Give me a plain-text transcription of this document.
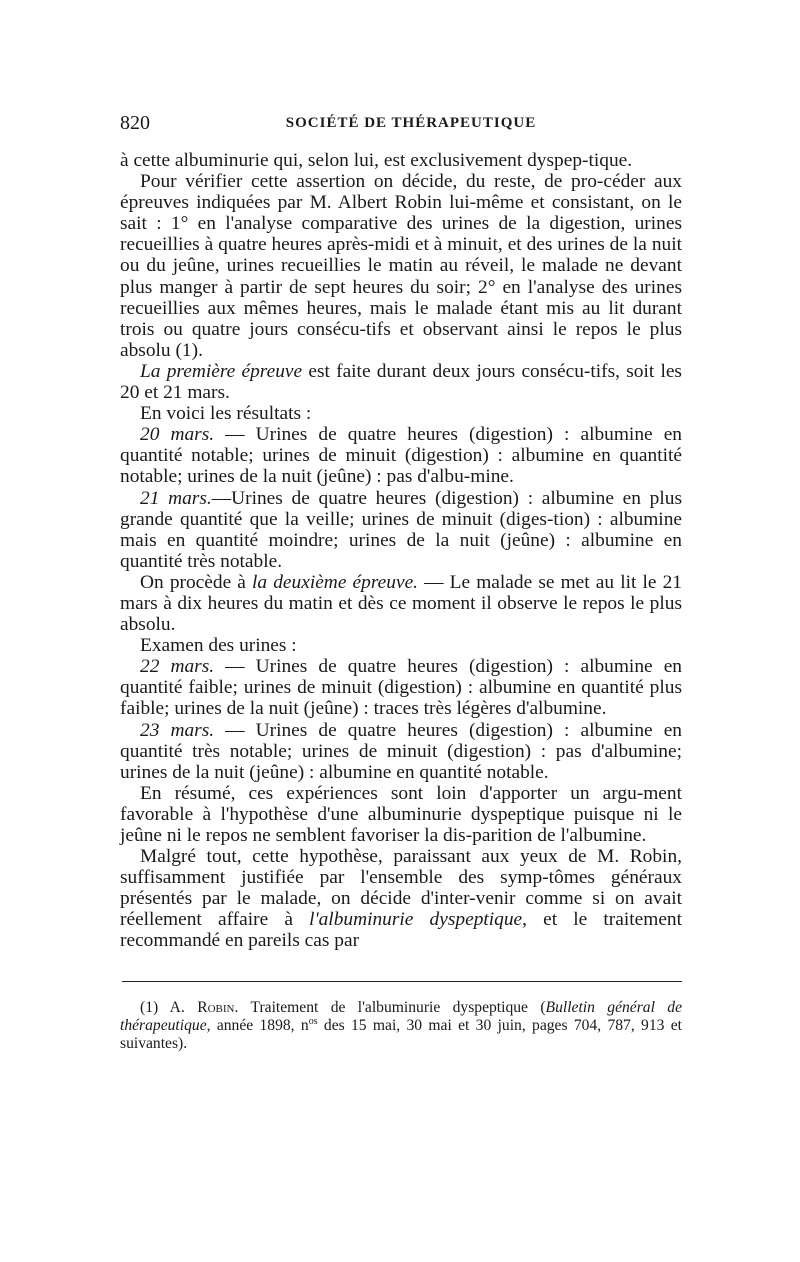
820	SOCIÉTÉ DE THÉRAPEUTIQUE

à cette albuminurie qui, selon lui, est exclusivement dyspep-tique.

Pour vérifier cette assertion on décide, du reste, de pro-céder aux épreuves indiquées par M. Albert Robin lui-même et consistant, on le sait : 1° en l'analyse comparative des urines de la digestion, urines recueillies à quatre heures après-midi et à minuit, et des urines de la nuit ou du jeûne, urines recueillies le matin au réveil, le malade ne devant plus manger à partir de sept heures du soir; 2° en l'analyse des urines recueillies aux mêmes heures, mais le malade étant mis au lit durant trois ou quatre jours consécu-tifs et observant ainsi le repos le plus absolu (1).

La première épreuve est faite durant deux jours consécu-tifs, soit les 20 et 21 mars.

En voici les résultats :

20 mars. — Urines de quatre heures (digestion) : albumine en quantité notable; urines de minuit (digestion) : albumine en quantité notable; urines de la nuit (jeûne) : pas d'albu-mine.

21 mars.—Urines de quatre heures (digestion) : albumine en plus grande quantité que la veille; urines de minuit (diges-tion) : albumine mais en quantité moindre; urines de la nuit (jeûne) : albumine en quantité très notable.

On procède à la deuxième épreuve. — Le malade se met au lit le 21 mars à dix heures du matin et dès ce moment il observe le repos le plus absolu.

Examen des urines :

22 mars. — Urines de quatre heures (digestion) : albumine en quantité faible; urines de minuit (digestion) : albumine en quantité plus faible; urines de la nuit (jeûne) : traces très légères d'albumine.

23 mars. — Urines de quatre heures (digestion) : albumine en quantité très notable; urines de minuit (digestion) : pas d'albumine; urines de la nuit (jeûne) : albumine en quantité notable.

En résumé, ces expériences sont loin d'apporter un argu-ment favorable à l'hypothèse d'une albuminurie dyspeptique puisque ni le jeûne ni le repos ne semblent favoriser la dis-parition de l'albumine.

Malgré tout, cette hypothèse, paraissant aux yeux de M. Robin, suffisamment justifiée par l'ensemble des symp-tômes généraux présentés par le malade, on décide d'inter-venir comme si on avait réellement affaire à l'albuminurie dyspeptique, et le traitement recommandé en pareils cas par

(1) A. Robin. Traitement de l'albuminurie dyspeptique (Bulletin général de thérapeutique, année 1898, $n^{os}$ des 15 mai, 30 mai et 30 juin, pages 704, 787, 913 et suivantes).
